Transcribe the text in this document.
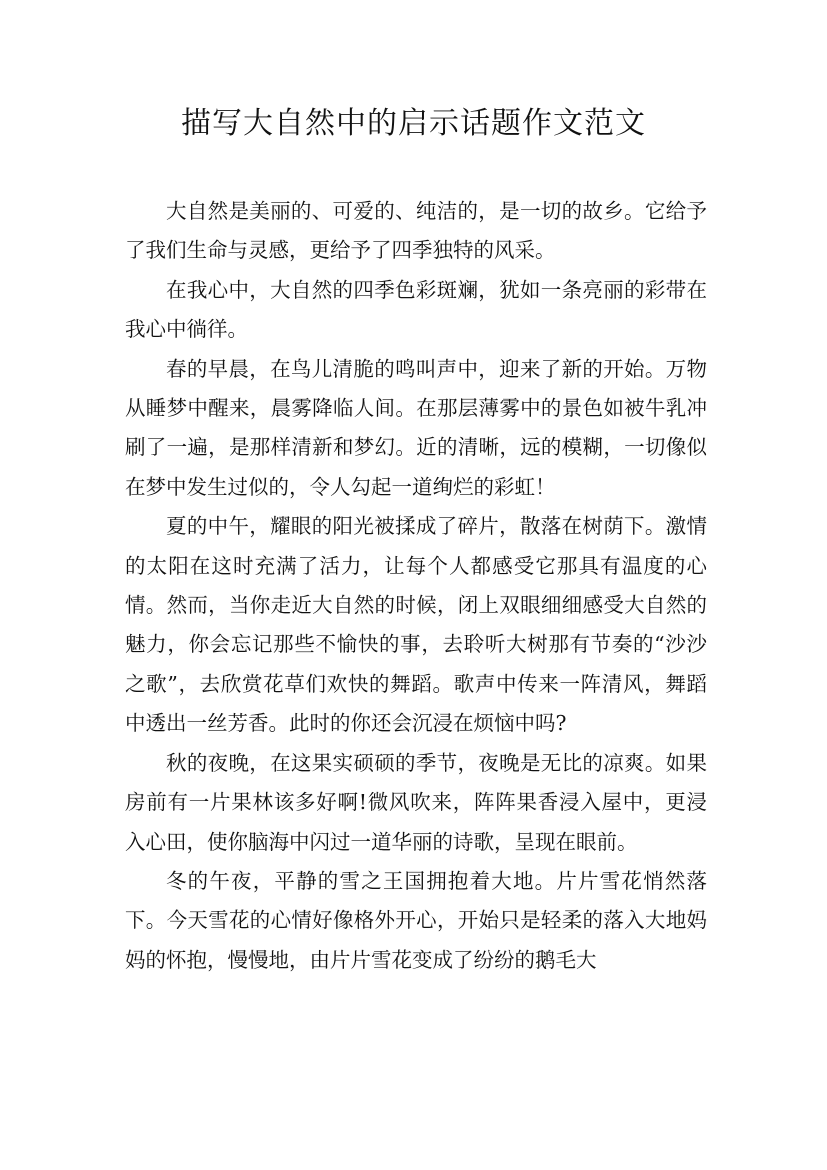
描写大自然中的启示话题作文范文

大自然是美丽的、可爱的、纯洁的，是一切的故乡。它给予了我们生命与灵感，更给予了四季独特的风采。

在我心中，大自然的四季色彩斑斓，犹如一条亮丽的彩带在我心中徜徉。

春的早晨，在鸟儿清脆的鸣叫声中，迎来了新的开始。万物从睡梦中醒来，晨雾降临人间。在那层薄雾中的景色如被牛乳冲刷了一遍，是那样清新和梦幻。近的清晰，远的模糊，一切像似在梦中发生过似的，令人勾起一道绚烂的彩虹！

夏的中午，耀眼的阳光被揉成了碎片，散落在树荫下。激情的太阳在这时充满了活力，让每个人都感受它那具有温度的心情。然而，当你走近大自然的时候，闭上双眼细细感受大自然的魅力，你会忘记那些不愉快的事，去聆听大树那有节奏的“沙沙之歌”，去欣赏花草们欢快的舞蹈。歌声中传来一阵清风，舞蹈中透出一丝芳香。此时的你还会沉浸在烦恼中吗?

秋的夜晚，在这果实硕硕的季节，夜晚是无比的凉爽。如果房前有一片果林该多好啊!微风吹来，阵阵果香浸入屋中，更浸入心田，使你脑海中闪过一道华丽的诗歌，呈现在眼前。

冬的午夜，平静的雪之王国拥抱着大地。片片雪花悄然落下。今天雪花的心情好像格外开心，开始只是轻柔的落入大地妈妈的怀抱，慢慢地，由片片雪花变成了纷纷的鹅毛大
